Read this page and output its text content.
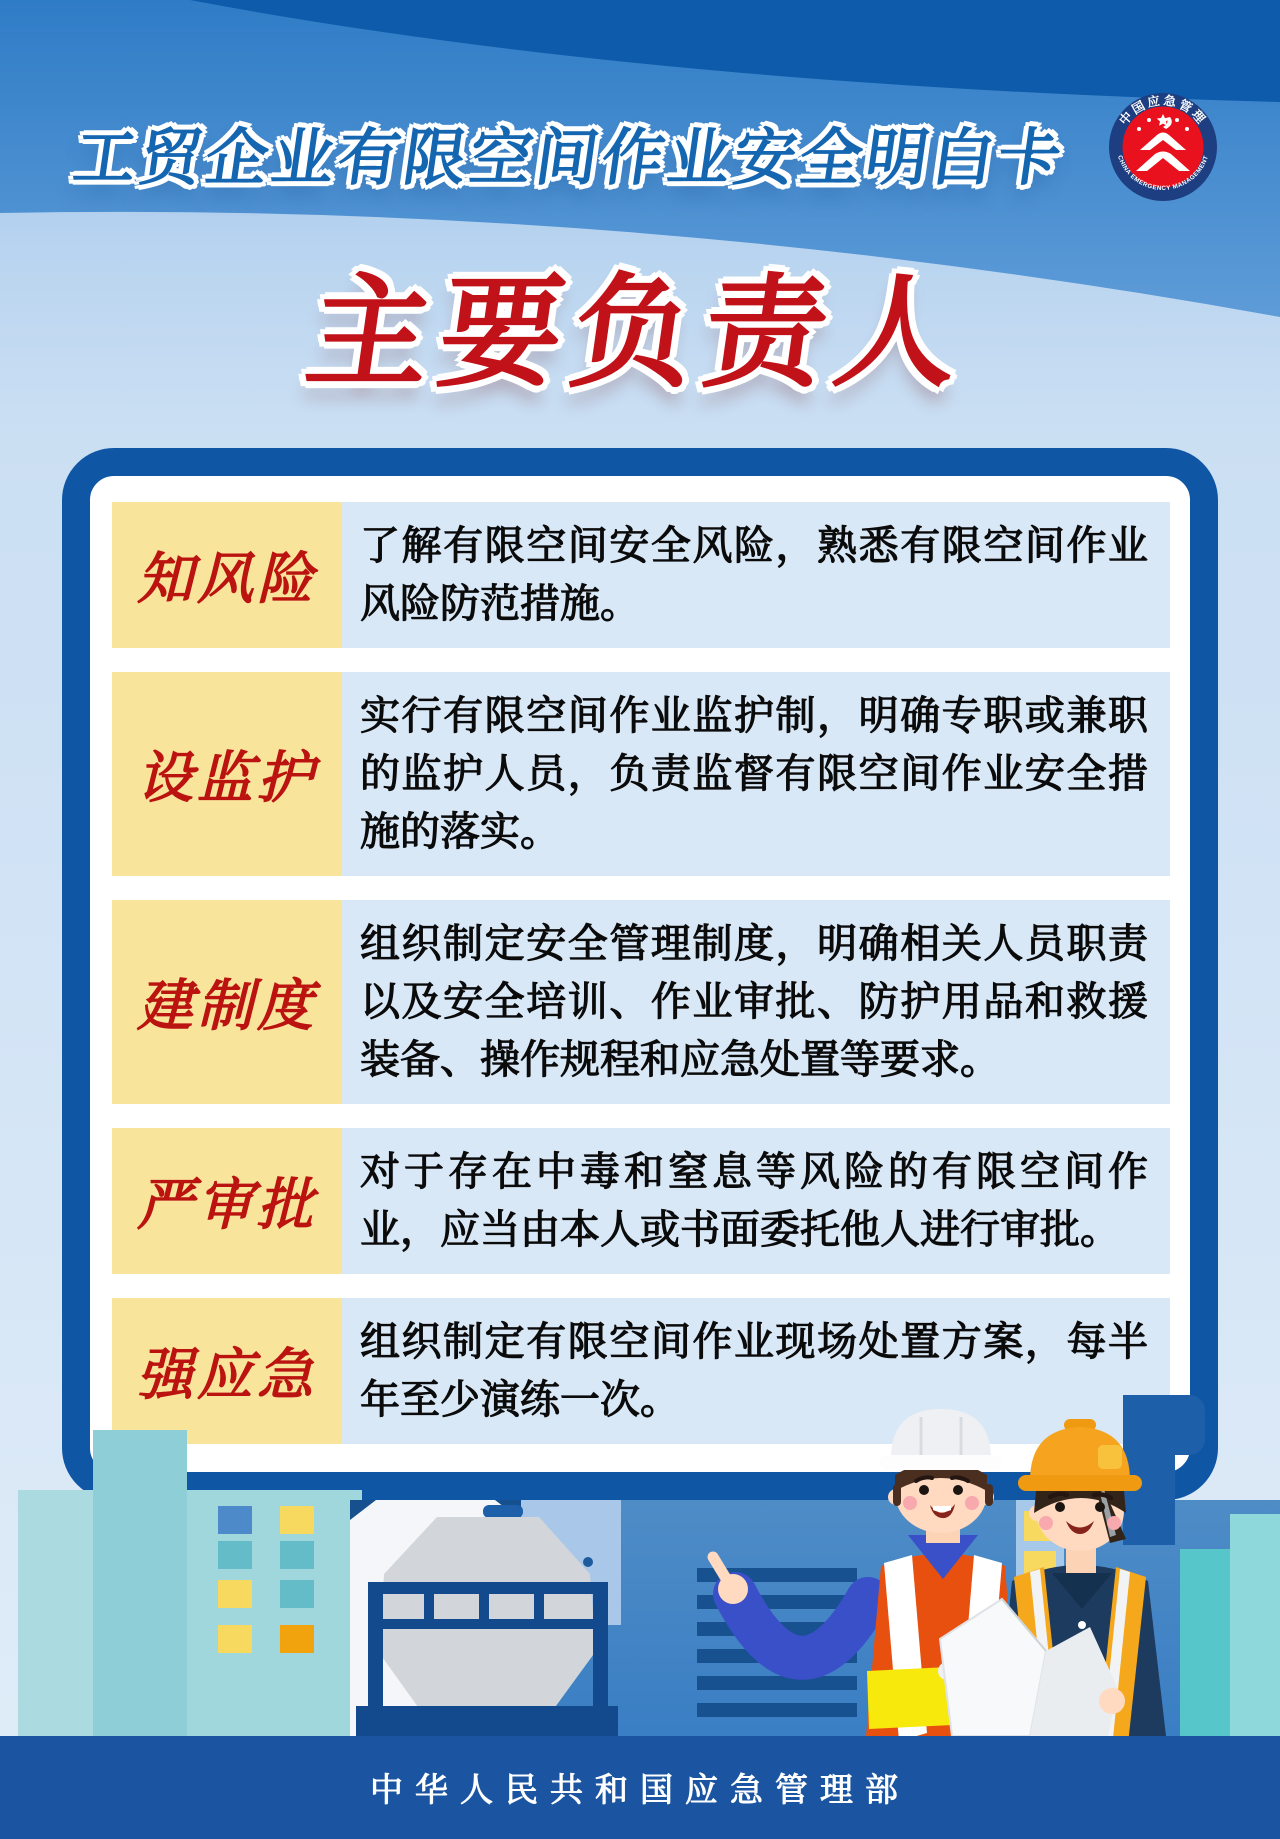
中国应急管理
CHINA EMERGENCY MANAGEMENT
工贸企业有限空间作业安全明白卡
主要负责人
知风险
了解有限空间安全风险，熟悉有限空间作业风险防范措施。
设监护
实行有限空间作业监护制，明确专职或兼职的监护人员，负责监督有限空间作业安全措施的落实。
建制度
组织制定安全管理制度，明确相关人员职责以及安全培训、作业审批、防护用品和救援装备、操作规程和应急处置等要求。
严审批
对于存在中毒和窒息等风险的有限空间作业，应当由本人或书面委托他人进行审批。
强应急
组织制定有限空间作业现场处置方案，每半年至少演练一次。
中华人民共和国应急管理部
